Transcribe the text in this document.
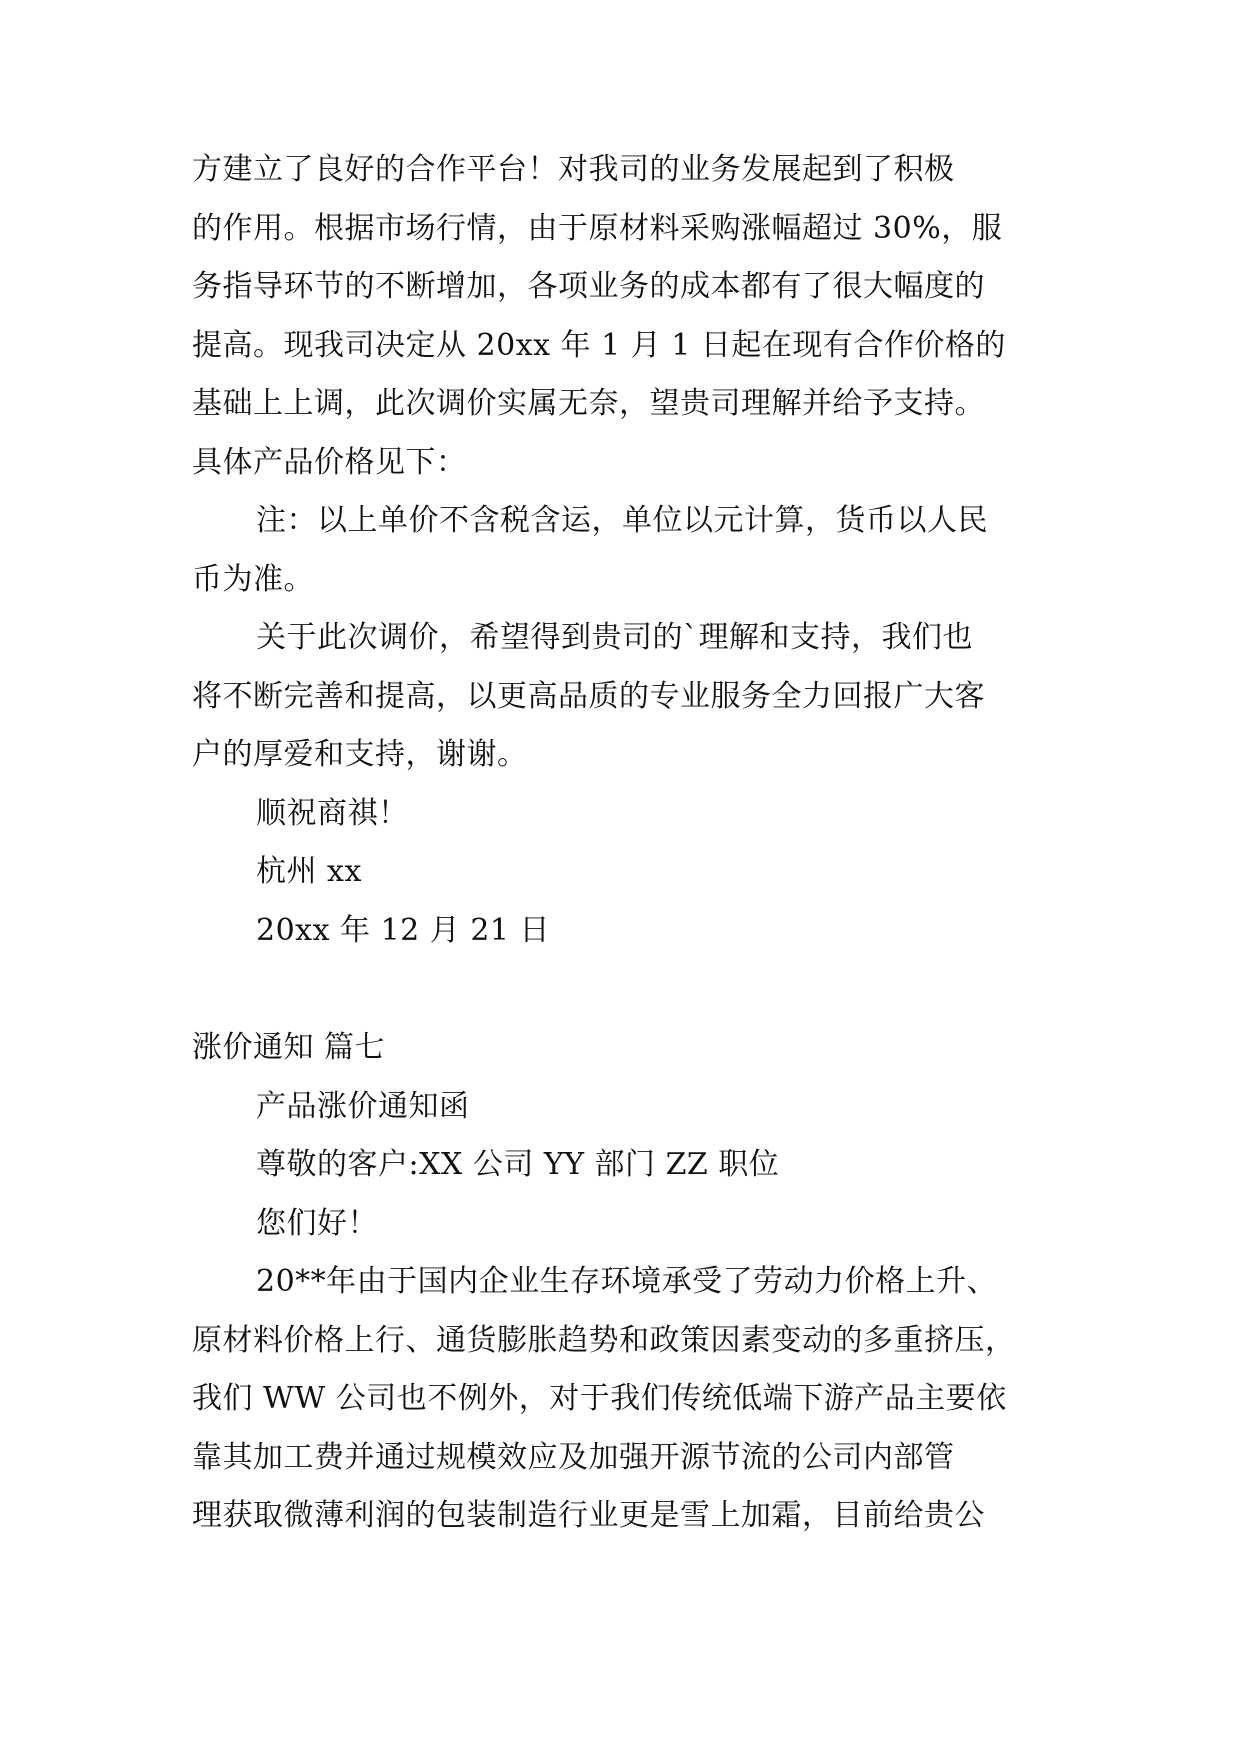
方建立了良好的合作平台！对我司的业务发展起到了积极
的作用。根据市场行情，由于原材料采购涨幅超过 30%，服
务指导环节的不断增加，各项业务的成本都有了很大幅度的
提高。现我司决定从 20xx 年 1 月 1 日起在现有合作价格的
基础上上调，此次调价实属无奈，望贵司理解并给予支持。
具体产品价格见下：
注：以上单价不含税含运，单位以元计算，货币以人民
币为准。
关于此次调价，希望得到贵司的`理解和支持，我们也
将不断完善和提高，以更高品质的专业服务全力回报广大客
户的厚爱和支持，谢谢。
顺祝商祺！
杭州 xx
20xx 年 12 月 21 日
涨价通知 篇七
产品涨价通知函
尊敬的客户:XX 公司 YY 部门 ZZ 职位
您们好！
20**年由于国内企业生存环境承受了劳动力价格上升、
原材料价格上行、通货膨胀趋势和政策因素变动的多重挤压，
我们 WW 公司也不例外，对于我们传统低端下游产品主要依
靠其加工费并通过规模效应及加强开源节流的公司内部管
理获取微薄利润的包装制造行业更是雪上加霜，目前给贵公
